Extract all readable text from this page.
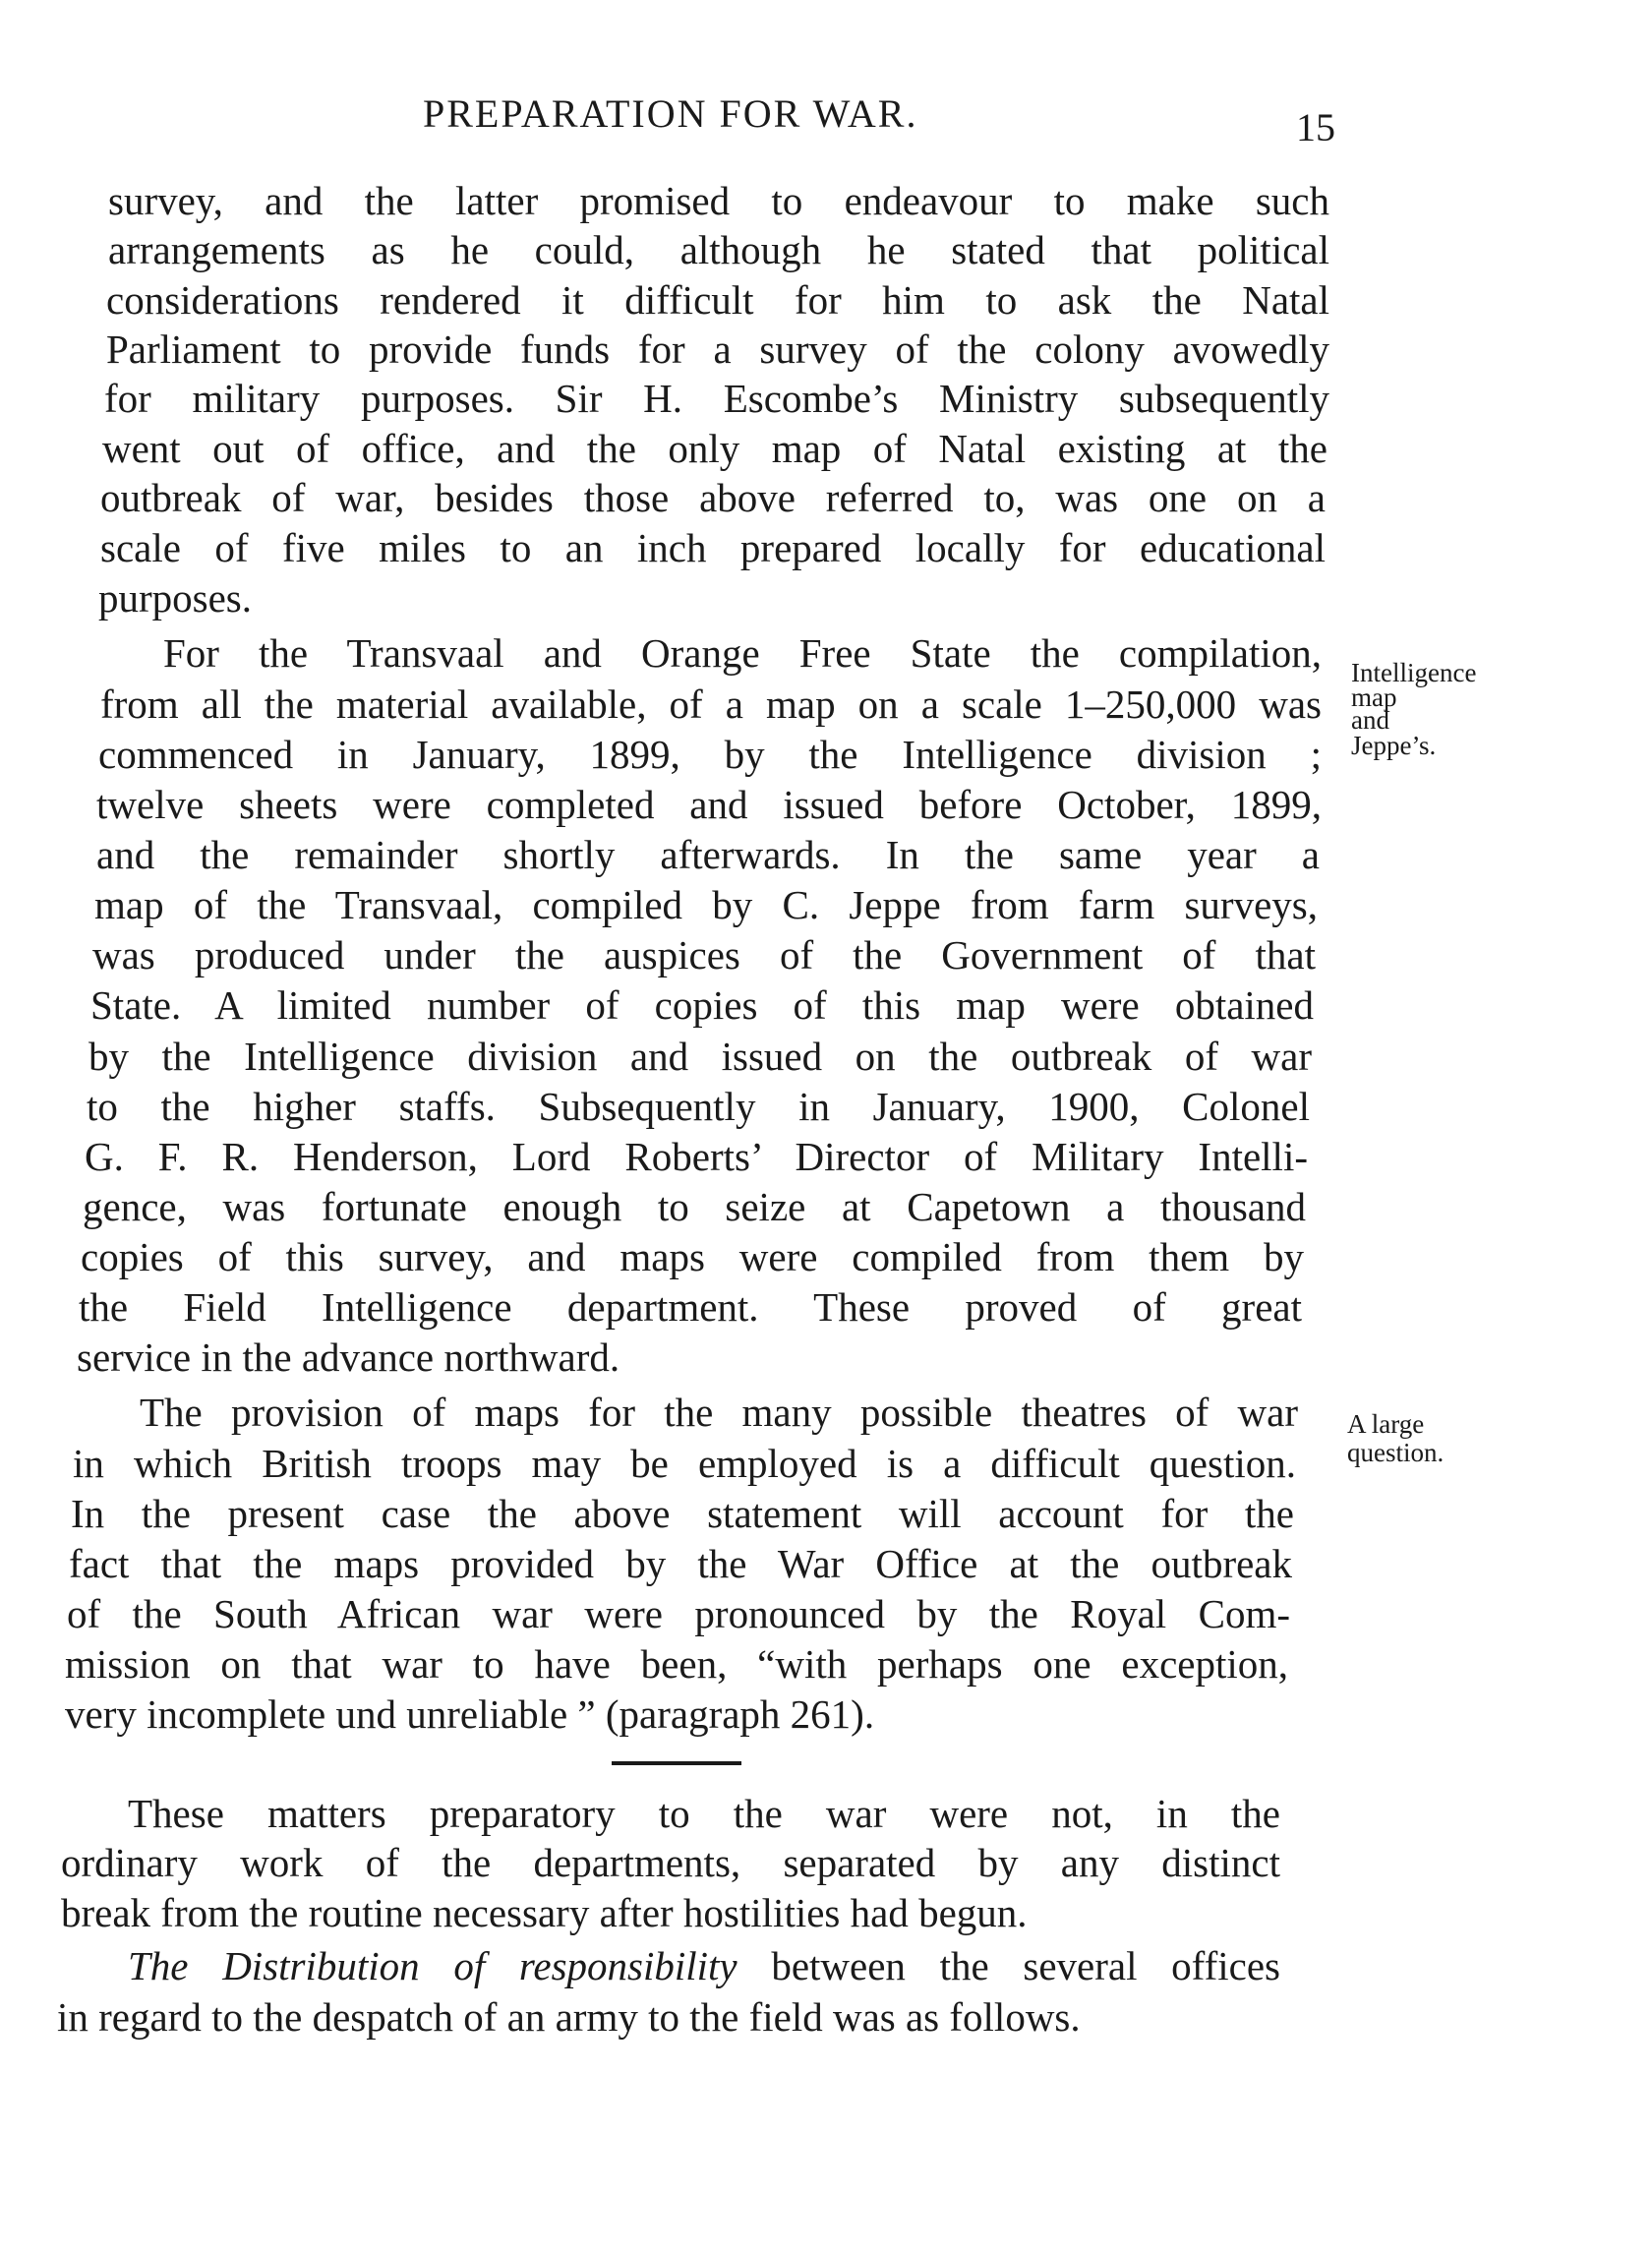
PREPARATION FOR WAR.	15
survey, and the latter promised to endeavour to make such
arrangements as he could, although he stated that political
considerations rendered it difficult for him to ask the Natal
Parliament to provide funds for a survey of the colony avowedly
for military purposes. Sir H. Escombe’s Ministry subsequently
went out of office, and the only map of Natal existing at the
outbreak of war, besides those above referred to, was one on a
scale of five miles to an inch prepared locally for educational
purposes.
For the Transvaal and Orange Free State the compilation,
from all the material available, of a map on a scale 1–250,000 was
commenced in January, 1899, by the Intelligence division ;
twelve sheets were completed and issued before October, 1899,
and the remainder shortly afterwards. In the same year a
map of the Transvaal, compiled by C. Jeppe from farm surveys,
was produced under the auspices of the Government of that
State. A limited number of copies of this map were obtained
by the Intelligence division and issued on the outbreak of war
to the higher staffs. Subsequently in January, 1900, Colonel
G. F. R. Henderson, Lord Roberts’ Director of Military Intelli-
gence, was fortunate enough to seize at Capetown a thousand
copies of this survey, and maps were compiled from them by
the Field Intelligence department. These proved of great
service in the advance northward.
The provision of maps for the many possible theatres of war
in which British troops may be employed is a difficult question.
In the present case the above statement will account for the
fact that the maps provided by the War Office at the outbreak
of the South African war were pronounced by the Royal Com-
mission on that war to have been, “with perhaps one exception,
very incomplete und unreliable ” (paragraph 261).
These matters preparatory to the war were not, in the
ordinary work of the departments, separated by any distinct
break from the routine necessary after hostilities had begun.
The Distribution of responsibility between the several offices
in regard to the despatch of an army to the field was as follows.
Intelligence
map
and
Jeppe’s.
A large
question.
